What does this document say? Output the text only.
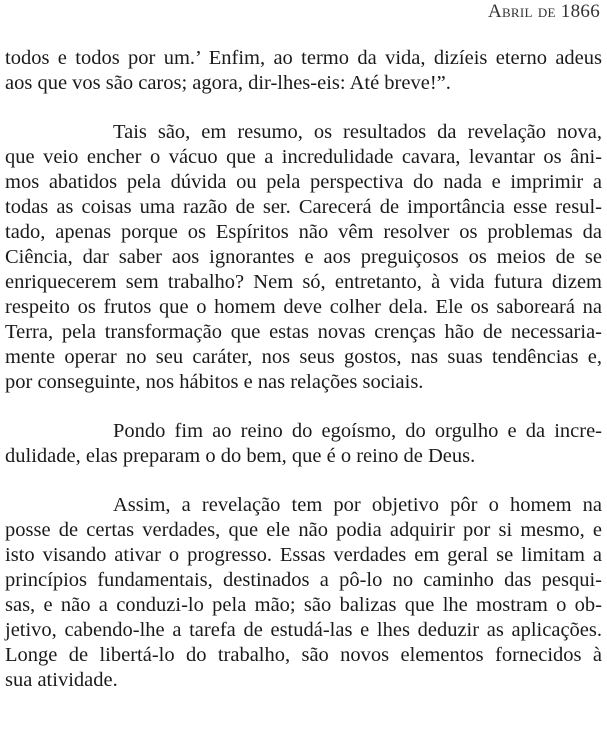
Abril de 1866
todos e todos por um.’ Enfim, ao termo da vida, dizíeis eterno adeus
aos que vos são caros; agora, dir-lhes-eis: Até breve!”.
Tais são, em resumo, os resultados da revelação nova,
que veio encher o vácuo que a incredulidade cavara, levantar os âni-
mos abatidos pela dúvida ou pela perspectiva do nada e imprimir a
todas as coisas uma razão de ser. Carecerá de importância esse resul-
tado, apenas porque os Espíritos não vêm resolver os problemas da
Ciência, dar saber aos ignorantes e aos preguiçosos os meios de se
enriquecerem sem trabalho? Nem só, entretanto, à vida futura dizem
respeito os frutos que o homem deve colher dela. Ele os saboreará na
Terra, pela transformação que estas novas crenças hão de necessaria-
mente operar no seu caráter, nos seus gostos, nas suas tendências e,
por conseguinte, nos hábitos e nas relações sociais.
Pondo fim ao reino do egoísmo, do orgulho e da incre-
dulidade, elas preparam o do bem, que é o reino de Deus.
Assim, a revelação tem por objetivo pôr o homem na
posse de certas verdades, que ele não podia adquirir por si mesmo, e
isto visando ativar o progresso. Essas verdades em geral se limitam a
princípios fundamentais, destinados a pô-lo no caminho das pesqui-
sas, e não a conduzi-lo pela mão; são balizas que lhe mostram o ob-
jetivo, cabendo-lhe a tarefa de estudá-las e lhes deduzir as aplicações.
Longe de libertá-lo do trabalho, são novos elementos fornecidos à
sua atividade.
